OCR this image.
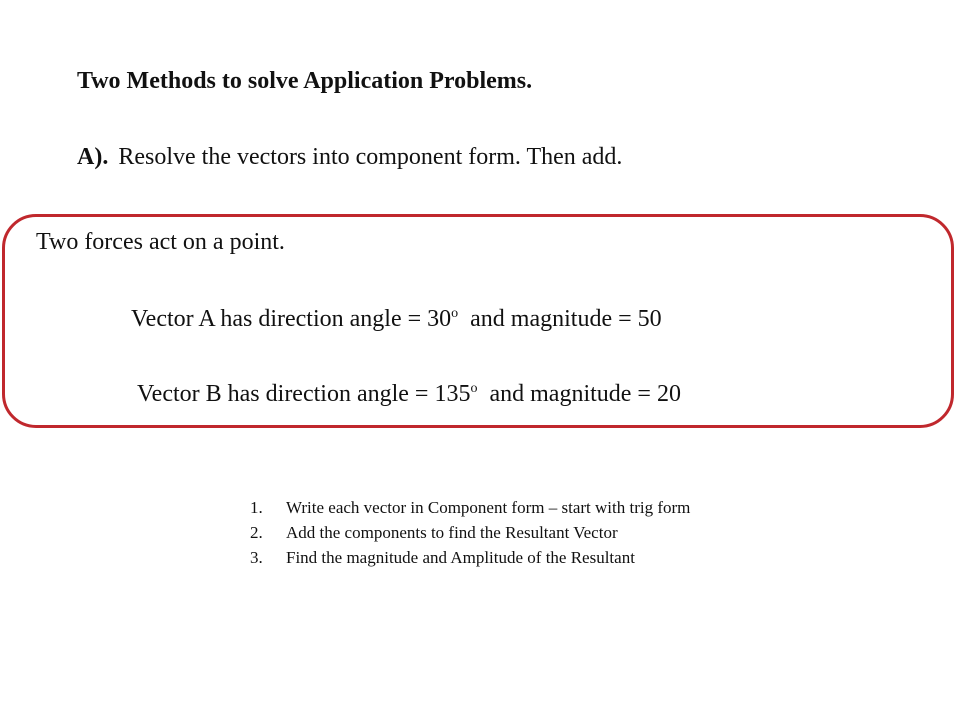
Two Methods to solve Application Problems.
A). Resolve the vectors into component form. Then add.
Two forces act on a point.
Vector A has direction angle = $30^o$ and magnitude = 50
Vector B has direction angle = $135^o$ and magnitude = 20
1.	Write each vector in Component form – start with trig form
2.	Add the components to find the Resultant Vector
3.	Find the magnitude and Amplitude of the Resultant
